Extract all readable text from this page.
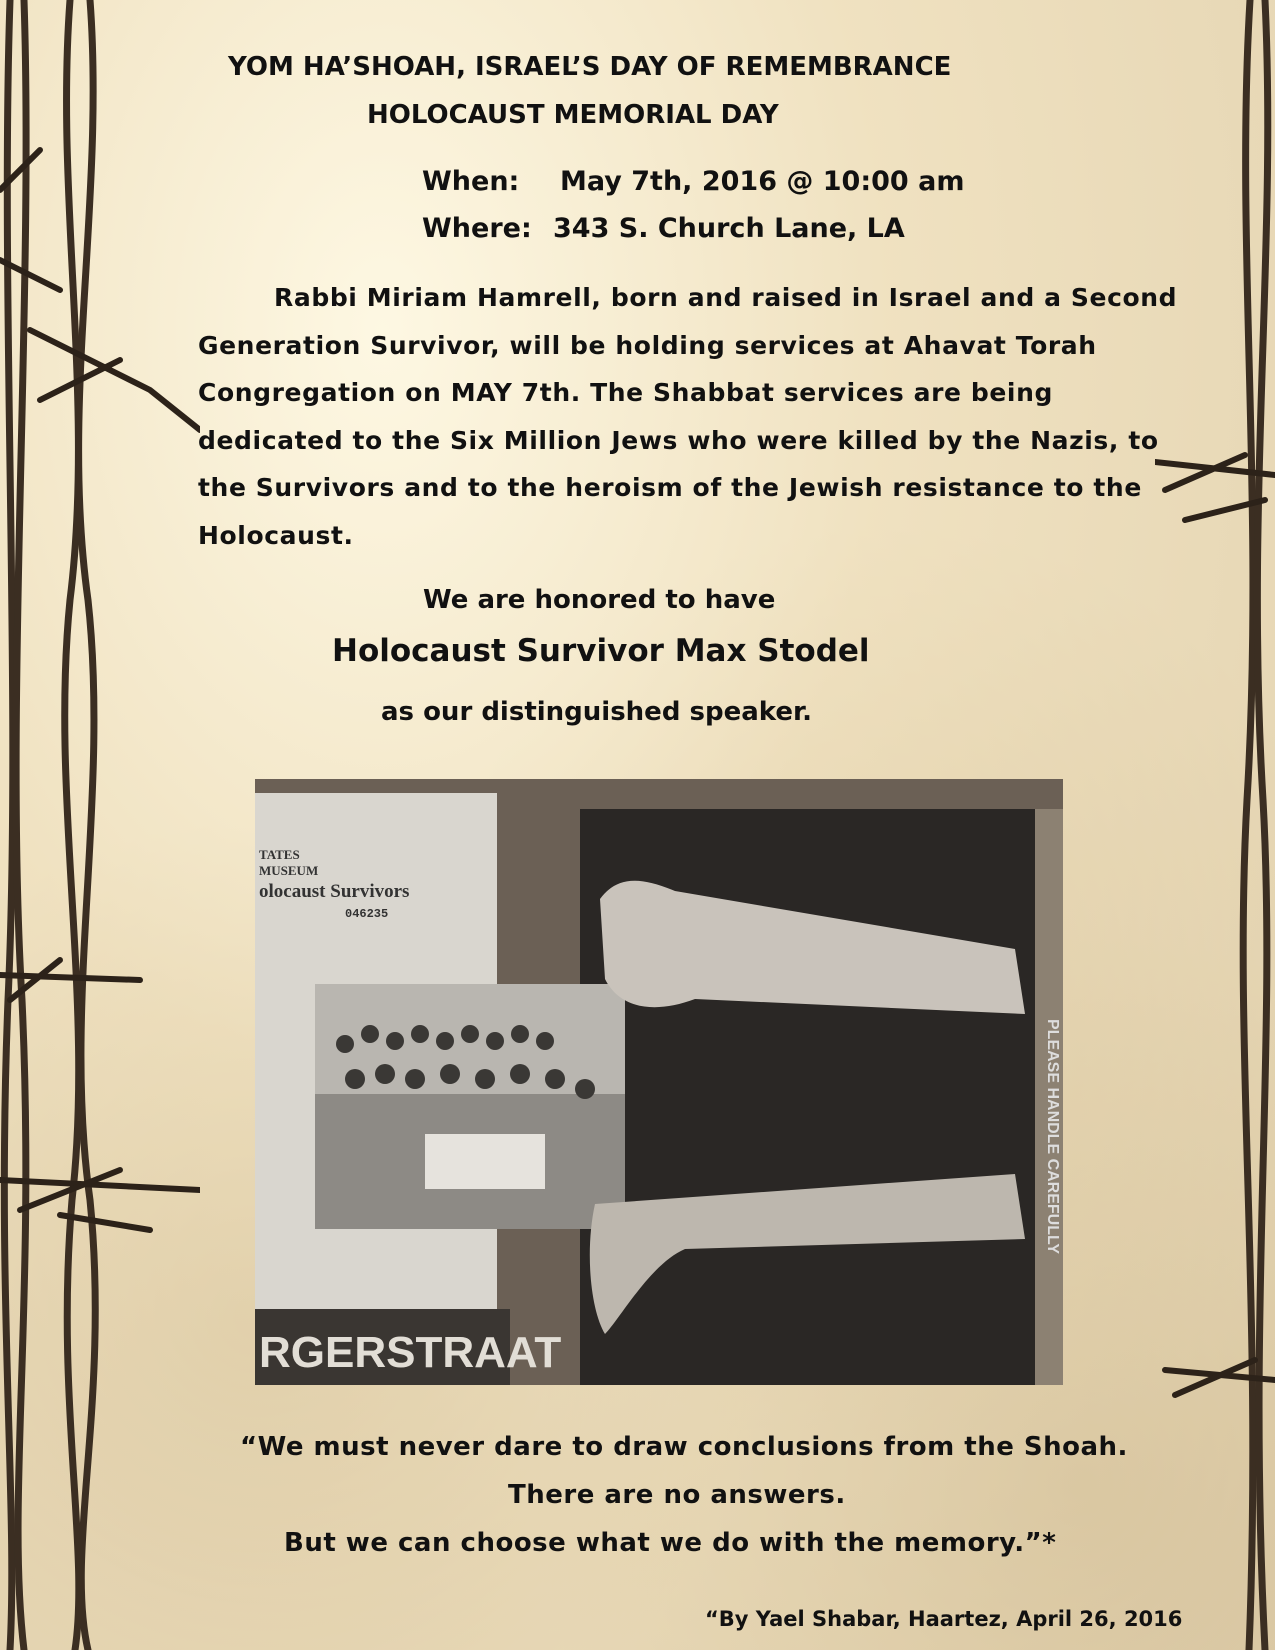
YOM HA’SHOAH, ISRAEL’S DAY OF REMEMBRANCE
HOLOCAUST MEMORIAL DAY
When: May 7th, 2016 @ 10:00 am
Where: 343 S. Church Lane, LA
Rabbi Miriam Hamrell, born and raised in Israel and a Second Generation Survivor, will be holding services at Ahavat Torah Congregation on MAY 7th. The Shabbat services are being dedicated to the Six Million Jews who were killed by the Nazis, to the Survivors and to the heroism of the Jewish resistance to the Holocaust.
We are honored to have
Holocaust Survivor Max Stodel
as our distinguished speaker.
TATES
MUSEUM
olocaust Survivors
046235
RGERSTRAAT
PLEASE HANDLE CAREFULLY
“We must never dare to draw conclusions from the Shoah.
There are no answers.
But we can choose what we do with the memory.”*
“By Yael Shabar, Haartez, April 26, 2016
